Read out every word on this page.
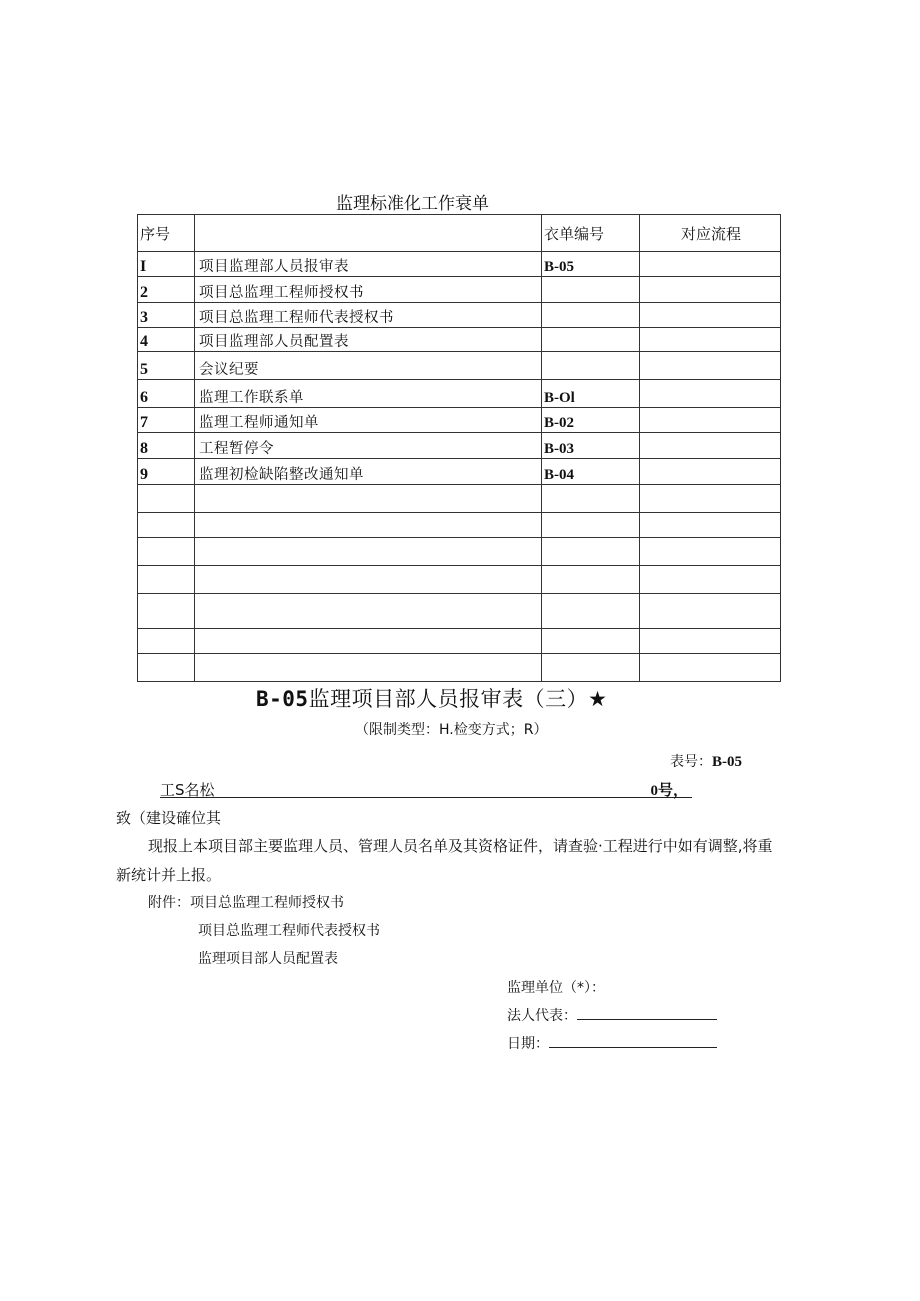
监理标准化工作衰单
序号		衣单编号	对应流程
I	项目监理部人员报审表	B-05	
2	项目总监理工程师授权书		
3	项目总监理工程师代表授权书		
4	项目监理部人员配置表		
5	会议纪要		
6	监理工作联系单	B-Ol	
7	监理工程师通知单	B-02	
8	工程暂停令	B-03	
9	监理初检缺陷整改通知单	B-04	

B-05监理项目部人员报审表（三）★
（限制类型：H.检变方式；R）
表号：B-05
工S名松	0号，
致（建设確位其
现报上本项目部主要监理人员、管理人员名单及其资格证件，请查验·工程进行中如有调整,将重
新统计并上报。
附件：项目总监理工程师授权书
项目总监理工程师代表授权书
监理项目部人员配置表
监理单位（*）：
法人代表：
日期：
